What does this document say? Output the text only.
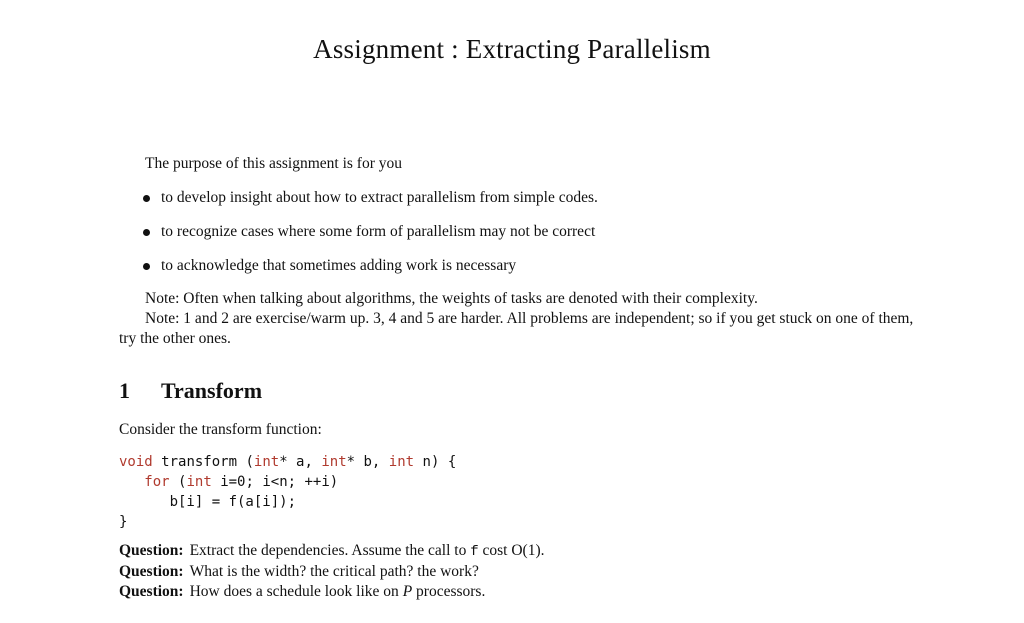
Assignment : Extracting Parallelism
The purpose of this assignment is for you
to develop insight about how to extract parallelism from simple codes.
to recognize cases where some form of parallelism may not be correct
to acknowledge that sometimes adding work is necessary

Note: Often when talking about algorithms, the weights of tasks are denoted with their complexity.

Note: 1 and 2 are exercise/warm up. 3, 4 and 5 are harder. All problems are independent; so if you get stuck on one of them, try the other ones.

1 Transform
Consider the transform function:
void transform (int* a, int* b, int n) {
for (int i=0; i<n; ++i)
b[i] = f(a[i]);
}
Question: Extract the dependencies. Assume the call to f cost O(1).
Question: What is the width? the critical path? the work?
Question: How does a schedule look like on P processors.
